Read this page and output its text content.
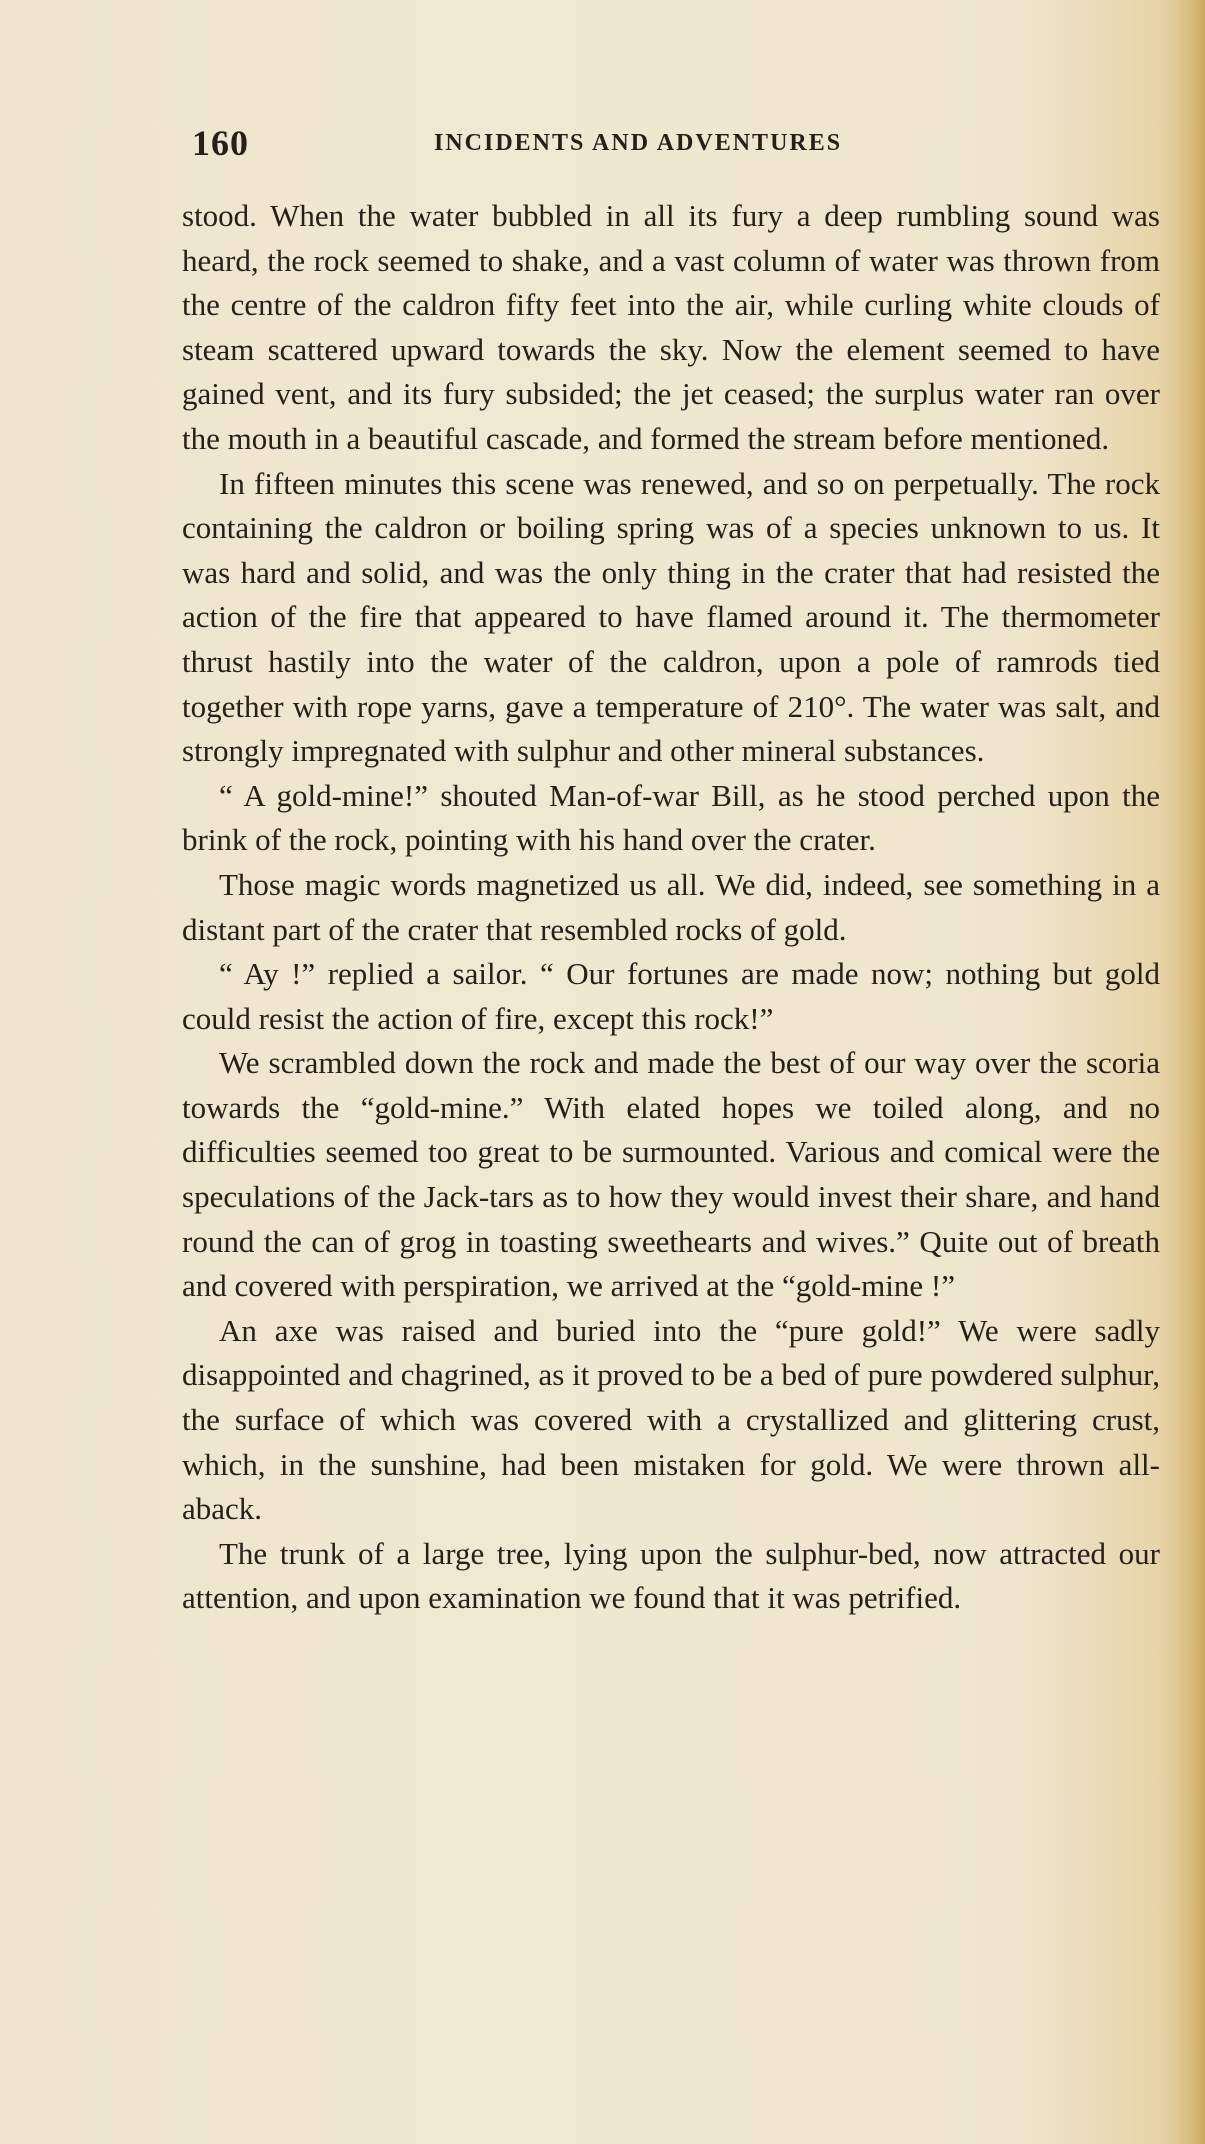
160	INCIDENTS AND ADVENTURES

stood. When the water bubbled in all its fury a deep rumbling sound was heard, the rock seemed to shake, and a vast column of water was thrown from the centre of the caldron fifty feet into the air, while curling white clouds of steam scattered upward towards the sky. Now the element seemed to have gained vent, and its fury subsided; the jet ceased; the surplus water ran over the mouth in a beautiful cascade, and formed the stream before mentioned.

In fifteen minutes this scene was renewed, and so on perpetually. The rock containing the caldron or boiling spring was of a species unknown to us. It was hard and solid, and was the only thing in the crater that had resisted the action of the fire that appeared to have flamed around it. The thermometer thrust hastily into the water of the caldron, upon a pole of ramrods tied together with rope yarns, gave a temperature of 210°. The water was salt, and strongly impregnated with sulphur and other mineral substances.

“ A gold-mine!” shouted Man-of-war Bill, as he stood perched upon the brink of the rock, pointing with his hand over the crater.

Those magic words magnetized us all. We did, indeed, see something in a distant part of the crater that resembled rocks of gold.

“ Ay !” replied a sailor. “ Our fortunes are made now; nothing but gold could resist the action of fire, except this rock!”

We scrambled down the rock and made the best of our way over the scoria towards the “gold-mine.” With elated hopes we toiled along, and no difficulties seemed too great to be surmounted. Various and comical were the speculations of the Jack-tars as to how they would invest their share, and hand round the can of grog in toasting sweethearts and wives.” Quite out of breath and covered with perspiration, we arrived at the “gold-mine !”

An axe was raised and buried into the “pure gold!” We were sadly disappointed and chagrined, as it proved to be a bed of pure powdered sulphur, the surface of which was covered with a crystallized and glittering crust, which, in the sunshine, had been mistaken for gold. We were thrown all-aback.

The trunk of a large tree, lying upon the sulphur-bed, now attracted our attention, and upon examination we found that it was petrified.
